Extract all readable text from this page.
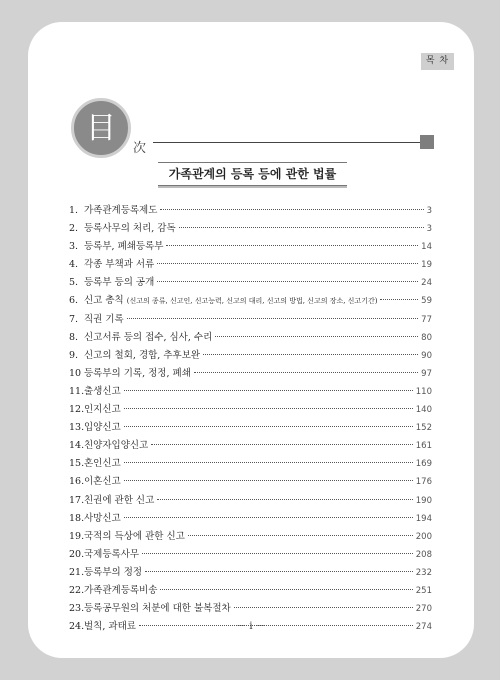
목 차
目
次
가족관계의 등록 등에 관한 법률
1. 가족관계등록제도	3
2. 등록사무의 처리, 감독	3
3. 등록부, 폐쇄등록부	14
4. 각종 부책과 서류	19
5. 등록부 등의 공개	24
6. 신고 총칙 (신고의 종류, 신고인, 신고능력, 신고의 대리, 신고의 방법, 신고의 장소, 신고기간)	59
7. 직권 기록	77
8. 신고서류 등의 접수, 심사, 수리	80
9. 신고의 철회, 경합, 추후보완	90
10 등록부의 기록, 정정, 폐쇄	97
11. 출생신고	110
12. 인지신고	140
13. 입양신고	152
14. 친양자입양신고	161
15. 혼인신고	169
16. 이혼신고	176
17. 친권에 관한 신고	190
18. 사망신고	194
19. 국적의 득상에 관한 신고	200
20. 국제등록사무	208
21. 등록부의 정정	232
22. 가족관계등록비송	251
23. 등록공무원의 처분에 대한 불복절차	270
24. 벌칙, 과태료	274
－ i －
